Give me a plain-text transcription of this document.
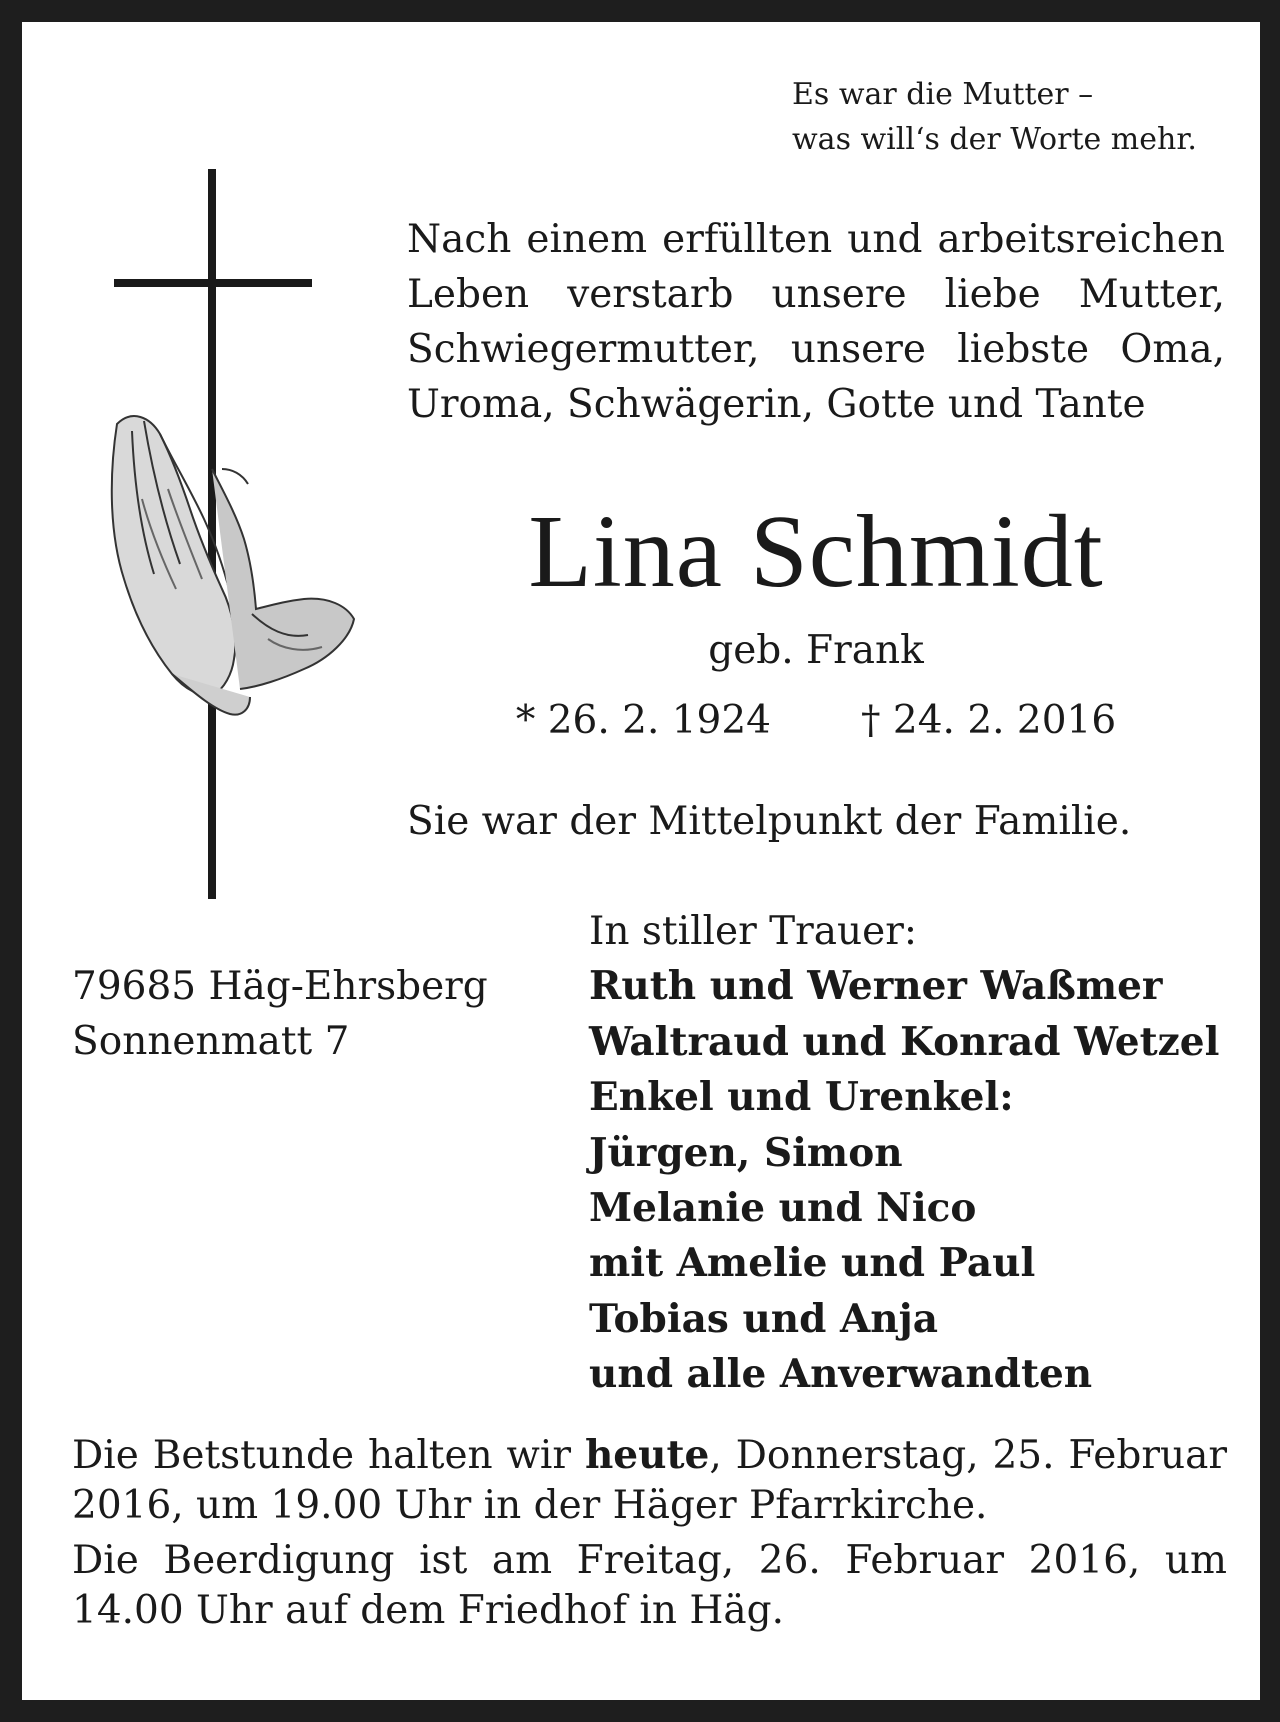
Es war die Mutter –
was will‘s der Worte mehr.
Nach einem erfüllten und arbeitsreichen Leben verstarb unsere liebe Mutter, Schwiegermutter, unsere liebste Oma, Uroma, Schwägerin, Gotte und Tante
Lina Schmidt
geb. Frank
* 26. 2. 1924 † 24. 2. 2016
Sie war der Mittelpunkt der Familie.
In stiller Trauer:
Ruth und Werner Waßmer
Waltraud und Konrad Wetzel
Enkel und Urenkel:
Jürgen, Simon
Melanie und Nico
mit Amelie und Paul
Tobias und Anja
und alle Anverwandten
79685 Häg-Ehrsberg
Sonnenmatt 7

Die Betstunde halten wir heute, Donnerstag, 25. Februar 2016, um 19.00 Uhr in der Häger Pfarrkirche.

Die Beerdigung ist am Freitag, 26. Februar 2016, um 14.00 Uhr auf dem Friedhof in Häg.
